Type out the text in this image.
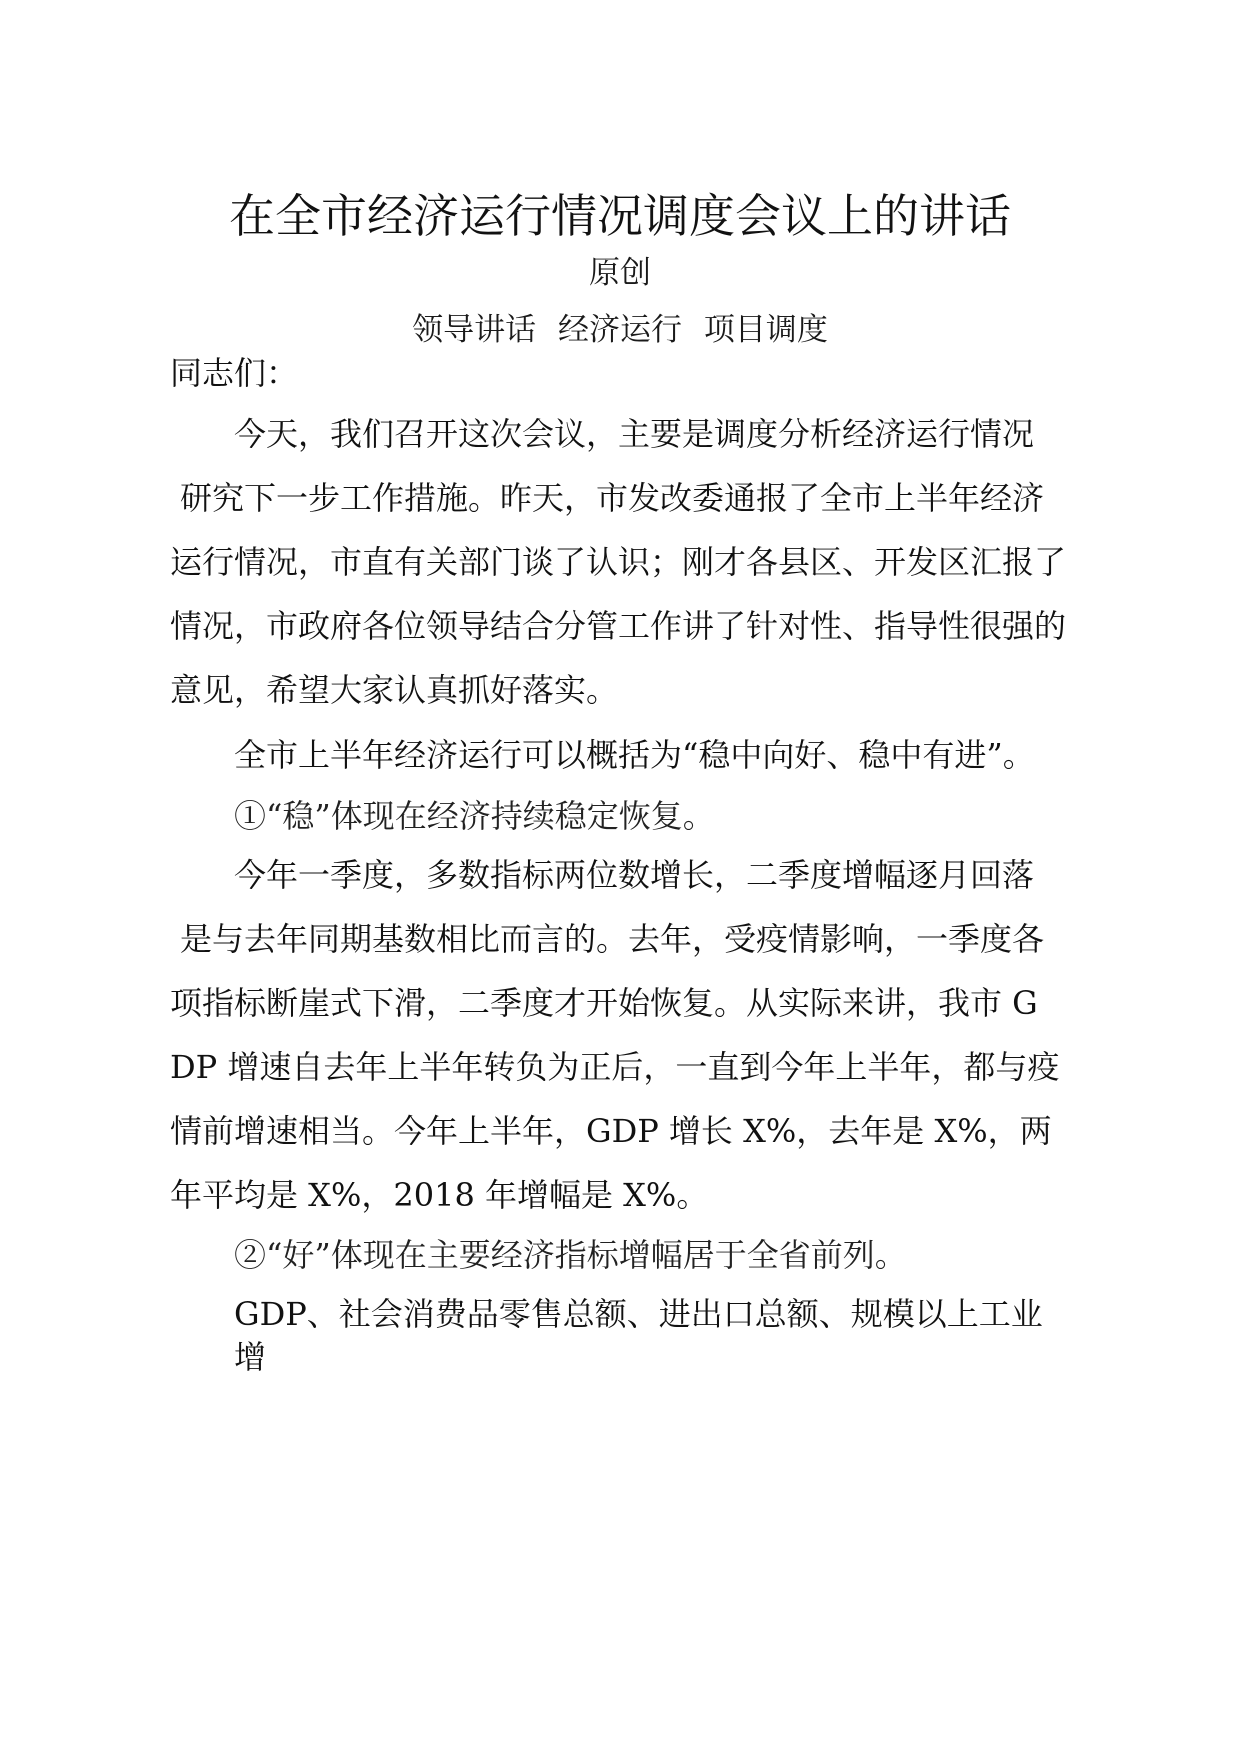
在全市经济运行情况调度会议上的讲话
原创
领导讲话 经济运行 项目调度
同志们：
今天，我们召开这次会议，主要是调度分析经济运行情况
研究下一步工作措施。昨天，市发改委通报了全市上半年经济
运行情况，市直有关部门谈了认识；刚才各县区、开发区汇报了
情况，市政府各位领导结合分管工作讲了针对性、指导性很强的
意见，希望大家认真抓好落实。
全市上半年经济运行可以概括为“稳中向好、稳中有进”。
①“稳”体现在经济持续稳定恢复。
今年一季度，多数指标两位数增长，二季度增幅逐月回落
是与去年同期基数相比而言的。去年，受疫情影响，一季度各
项指标断崖式下滑，二季度才开始恢复。从实际来讲，我市 G
DP 增速自去年上半年转负为正后，一直到今年上半年，都与疫
情前增速相当。今年上半年，GDP 增长 X%，去年是 X%，两
年平均是 X%，2018 年增幅是 X%。
②“好”体现在主要经济指标增幅居于全省前列。
GDP、社会消费品零售总额、进出口总额、规模以上工业
增
